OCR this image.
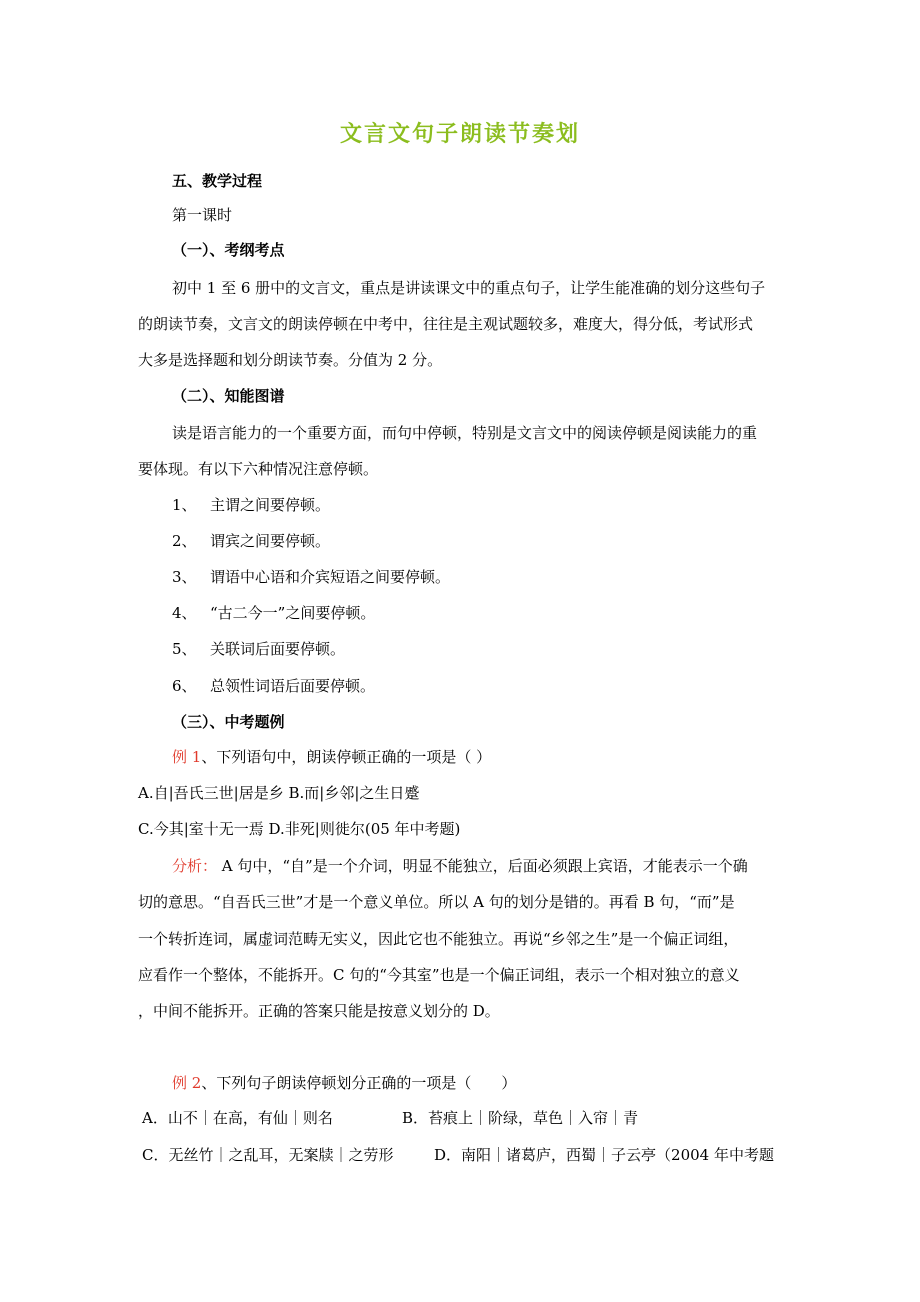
文言文句子朗读节奏划
五、教学过程
第一课时
（一）、考纲考点
初中 1 至 6 册中的文言文，重点是讲读课文中的重点句子，让学生能准确的划分这些句子
的朗读节奏，文言文的朗读停顿在中考中，往往是主观试题较多，难度大，得分低，考试形式
大多是选择题和划分朗读节奏。分值为 2 分。
（二）、知能图谱
读是语言能力的一个重要方面，而句中停顿，特别是文言文中的阅读停顿是阅读能力的重
要体现。有以下六种情况注意停顿。
1、 主谓之间要停顿。
2、 谓宾之间要停顿。
3、 谓语中心语和介宾短语之间要停顿。
4、 “古二今一”之间要停顿。
5、 关联词后面要停顿。
6、 总领性词语后面要停顿。
（三）、中考题例
例 1、下列语句中，朗读停顿正确的一项是（ ）
A.自|吾氏三世|居是乡 B.而|乡邻|之生日蹙
C.今其|室十无一焉 D.非死|则徙尔(05 年中考题)
分析： A 句中，“自”是一个介词，明显不能独立，后面必须跟上宾语，才能表示一个确
切的意思。“自吾氏三世”才是一个意义单位。所以 A 句的划分是错的。再看 B 句，“而”是
一个转折连词，属虚词范畴无实义，因此它也不能独立。再说“乡邻之生”是一个偏正词组，
应看作一个整体，不能拆开。C 句的“今其室”也是一个偏正词组，表示一个相对独立的意义
，中间不能拆开。正确的答案只能是按意义划分的 D。
例 2、下列句子朗读停顿划分正确的一项是（　　）
A．山不｜在高，有仙｜则名	B．苔痕上｜阶绿，草色｜入帘｜青
C．无丝竹｜之乱耳，无案牍｜之劳形	D．南阳｜诸葛庐，西蜀｜子云亭（2004 年中考题
